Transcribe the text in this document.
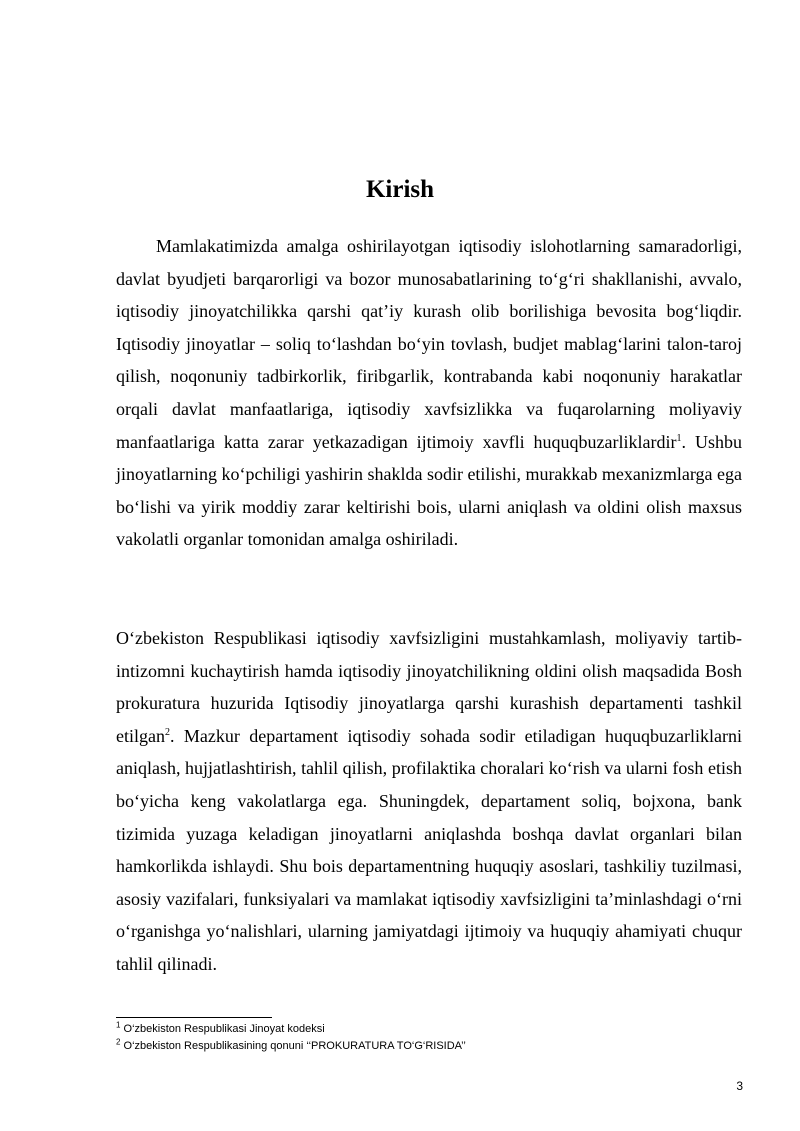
Kirish

Mamlakatimizda amalga oshirilayotgan iqtisodiy islohotlarning samaradorligi, davlat byudjeti barqarorligi va bozor munosabatlarining to‘g‘ri shakllanishi, avvalo, iqtisodiy jinoyatchilikka qarshi qat’iy kurash olib borilishiga bevosita bog‘liqdir. Iqtisodiy jinoyatlar – soliq to‘lashdan bo‘yin tovlash, budjet mablag‘larini talon-taroj qilish, noqonuniy tadbirkorlik, firibgarlik, kontrabanda kabi noqonuniy harakatlar orqali davlat manfaatlariga, iqtisodiy xavfsizlikka va fuqarolarning moliyaviy manfaatlariga katta zarar yetkazadigan ijtimoiy xavfli huquqbuzarliklardir$^1$. Ushbu jinoyatlarning ko‘pchiligi yashirin shaklda sodir etilishi, murakkab mexanizmlarga ega bo‘lishi va yirik moddiy zarar keltirishi bois, ularni aniqlash va oldini olish maxsus vakolatli organlar tomonidan amalga oshiriladi.

O‘zbekiston Respublikasi iqtisodiy xavfsizligini mustahkamlash, moliyaviy tartib-intizomni kuchaytirish hamda iqtisodiy jinoyatchilikning oldini olish maqsadida Bosh prokuratura huzurida Iqtisodiy jinoyatlarga qarshi kurashish departamenti tashkil etilgan$^2$. Mazkur departament iqtisodiy sohada sodir etiladigan huquqbuzarliklarni aniqlash, hujjatlashtirish, tahlil qilish, profilaktika choralari ko‘rish va ularni fosh etish bo‘yicha keng vakolatlarga ega. Shuningdek, departament soliq, bojxona, bank tizimida yuzaga keladigan jinoyatlarni aniqlashda boshqa davlat organlari bilan hamkorlikda ishlaydi. Shu bois departamentning huquqiy asoslari, tashkiliy tuzilmasi, asosiy vazifalari, funksiyalari va mamlakat iqtisodiy xavfsizligini ta’minlashdagi o‘rni o‘rganishga yo‘nalishlari, ularning jamiyatdagi ijtimoiy va huquqiy ahamiyati chuqur tahlil qilinadi.

$^1$ O‘zbekiston Respublikasi Jinoyat kodeksi

$^2$ O‘zbekiston Respublikasining qonuni ‘‘PROKURATURA TO‘G‘RISIDA’’

3
